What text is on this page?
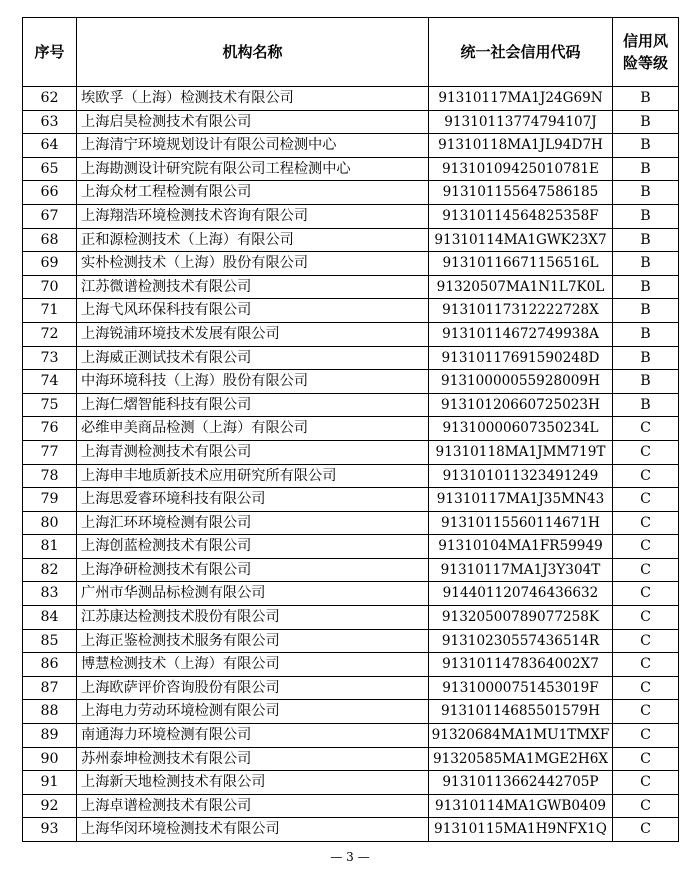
序号	机构名称	统一社会信用代码	信用风
险等级
62	埃欧孚（上海）检测技术有限公司	91310117MA1J24G69N	B
63	上海启昊检测技术有限公司	91310113774794107J	B
64	上海清宁环境规划设计有限公司检测中心	91310118MA1JL94D7H	B
65	上海勘测设计研究院有限公司工程检测中心	91310109425010781E	B
66	上海众材工程检测有限公司	913101155647586185	B
67	上海翔浩环境检测技术咨询有限公司	91310114564825358F	B
68	正和源检测技术（上海）有限公司	91310114MA1GWK23X7	B
69	实朴检测技术（上海）股份有限公司	91310116671156516L	B
70	江苏微谱检测技术有限公司	91320507MA1N1L7K0L	B
71	上海弋风环保科技有限公司	91310117312222728X	B
72	上海锐浦环境技术发展有限公司	91310114672749938A	B
73	上海威正测试技术有限公司	91310117691590248D	B
74	中海环境科技（上海）股份有限公司	91310000055928009H	B
75	上海仁熠智能科技有限公司	91310120660725023H	B
76	必维申美商品检测（上海）有限公司	91310000607350234L	C
77	上海青测检测技术有限公司	91310118MA1JMM719T	C
78	上海申丰地质新技术应用研究所有限公司	913101011323491249	C
79	上海思爱睿环境科技有限公司	91310117MA1J35MN43	C
80	上海汇环环境检测有限公司	91310115560114671H	C
81	上海创蓝检测技术有限公司	91310104MA1FR59949	C
82	上海净研检测技术有限公司	91310117MA1J3Y304T	C
83	广州市华测品标检测有限公司	914401120746436632	C
84	江苏康达检测技术股份有限公司	91320500789077258K	C
85	上海正鉴检测技术服务有限公司	91310230557436514R	C
86	博慧检测技术（上海）有限公司	9131011478364002X7	C
87	上海欧萨评价咨询股份有限公司	91310000751453019F	C
88	上海电力劳动环境检测有限公司	91310114685501579H	C
89	南通海力环境检测有限公司	91320684MA1MU1TMXF	C
90	苏州泰坤检测技术有限公司	91320585MA1MGE2H6X	C
91	上海新天地检测技术有限公司	91310113662442705P	C
92	上海卓谱检测技术有限公司	91310114MA1GWB0409	C
93	上海华闵环境检测技术有限公司	91310115MA1H9NFX1Q	C
— 3 —
